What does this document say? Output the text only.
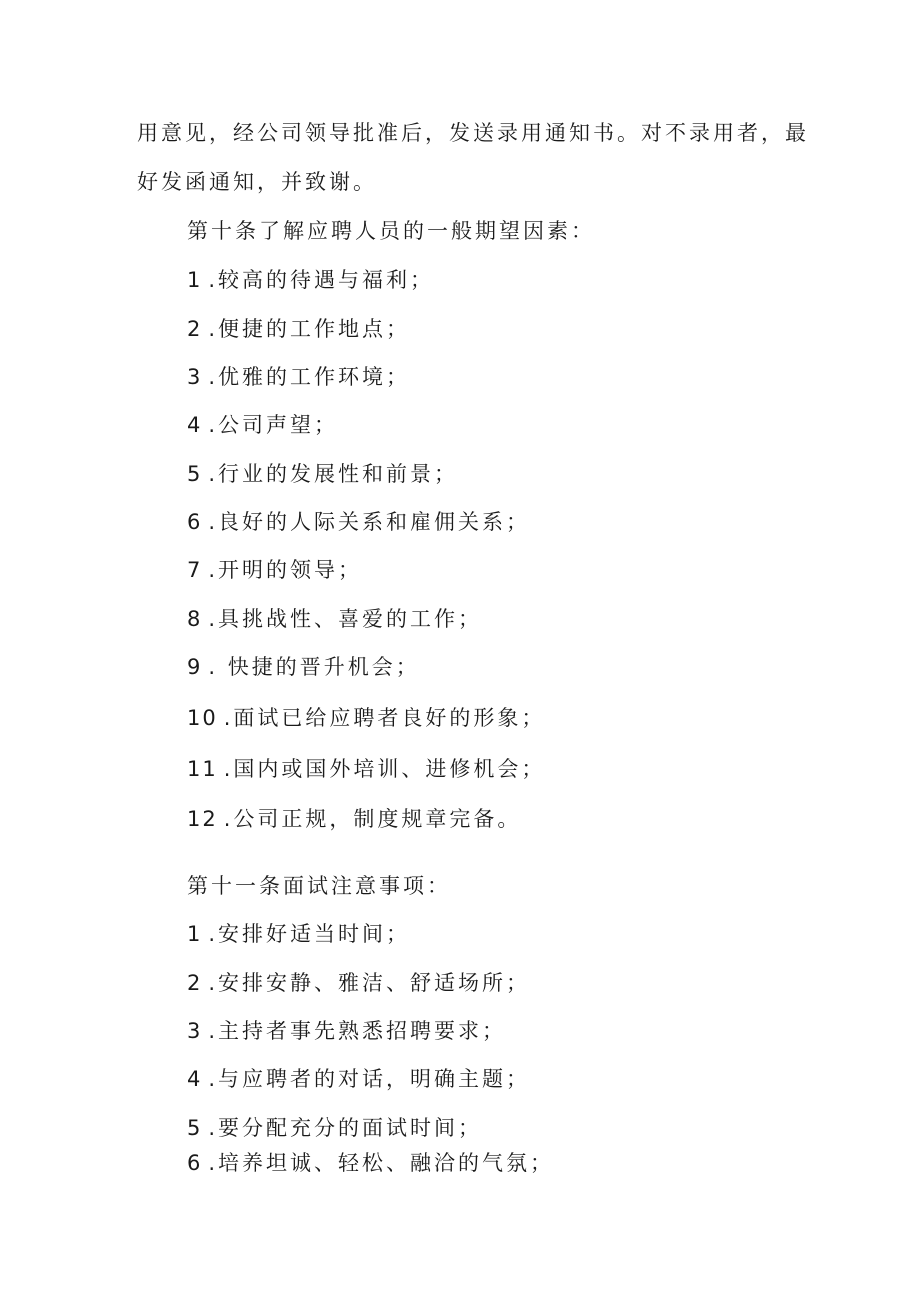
用意见，经公司领导批准后，发送录用通知书。对不录用者，最
好发函通知，并致谢。
第十条了解应聘人员的一般期望因素：
1 .较高的待遇与福利；
2 .便捷的工作地点；
3 .优雅的工作环境；
4 .公司声望；
5 .行业的发展性和前景；
6 .良好的人际关系和雇佣关系；
7 .开明的领导；
8 .具挑战性、喜爱的工作；
9 . 快捷的晋升机会；
10 .面试已给应聘者良好的形象；
11 .国内或国外培训、进修机会；
12 .公司正规，制度规章完备。
第十一条面试注意事项：
1 .安排好适当时间；
2 .安排安静、雅洁、舒适场所；
3 .主持者事先熟悉招聘要求；
4 .与应聘者的对话，明确主题；
5 .要分配充分的面试时间；
6 .培养坦诚、轻松、融洽的气氛；
